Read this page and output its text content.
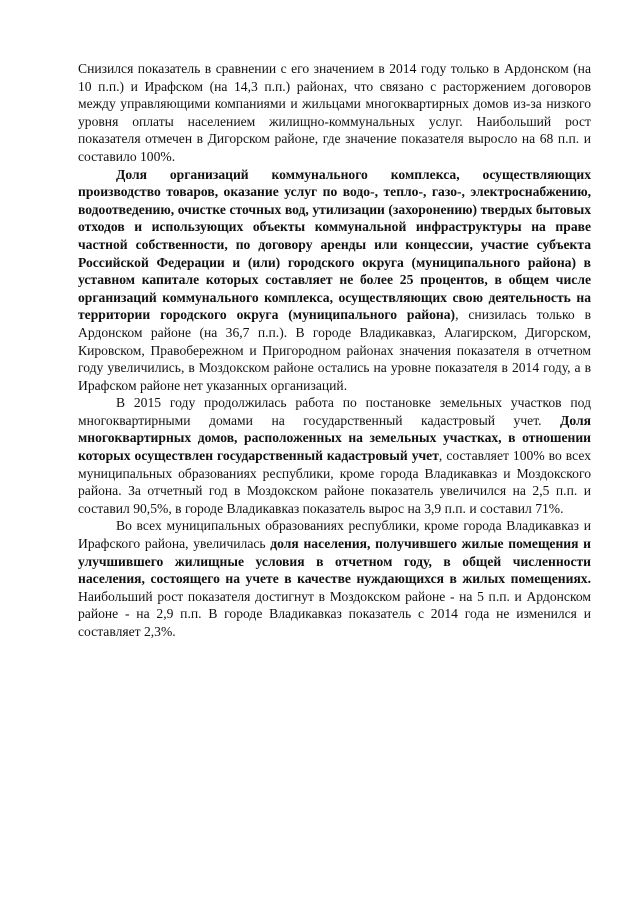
Снизился показатель в сравнении с его значением в 2014 году только в Ардонском (на 10 п.п.) и Ирафском (на 14,3 п.п.) районах, что связано с расторжением договоров между управляющими компаниями и жильцами многоквартирных домов из-за низкого уровня оплаты населением жилищно-коммунальных услуг. Наибольший рост показателя отмечен в Дигорском районе, где значение показателя выросло на 68 п.п. и составило 100%.

Доля организаций коммунального комплекса, осуществляющих производство товаров, оказание услуг по водо-, тепло-, газо-, электроснабжению, водоотведению, очистке сточных вод, утилизации (захоронению) твердых бытовых отходов и использующих объекты коммунальной инфраструктуры на праве частной собственности, по договору аренды или концессии, участие субъекта Российской Федерации и (или) городского округа (муниципального района) в уставном капитале которых составляет не более 25 процентов, в общем числе организаций коммунального комплекса, осуществляющих свою деятельность на территории городского округа (муниципального района), снизилась только в Ардонском районе (на 36,7 п.п.). В городе Владикавказ, Алагирском, Дигорском, Кировском, Правобережном и Пригородном районах значения показателя в отчетном году увеличились, в Моздокском районе остались на уровне показателя в 2014 году, а в Ирафском районе нет указанных организаций.

В 2015 году продолжилась работа по постановке земельных участков под многоквартирными домами на государственный кадастровый учет. Доля многоквартирных домов, расположенных на земельных участках, в отношении которых осуществлен государственный кадастровый учет, составляет 100% во всех муниципальных образованиях республики, кроме города Владикавказ и Моздокского района. За отчетный год в Моздокском районе показатель увеличился на 2,5 п.п. и составил 90,5%, в городе Владикавказ показатель вырос на 3,9 п.п. и составил 71%.

Во всех муниципальных образованиях республики, кроме города Владикавказ и Ирафского района, увеличилась доля населения, получившего жилые помещения и улучшившего жилищные условия в отчетном году, в общей численности населения, состоящего на учете в качестве нуждающихся в жилых помещениях. Наибольший рост показателя достигнут в Моздокском районе - на 5 п.п. и Ардонском районе - на 2,9 п.п. В городе Владикавказ показатель с 2014 года не изменился и составляет 2,3%.
